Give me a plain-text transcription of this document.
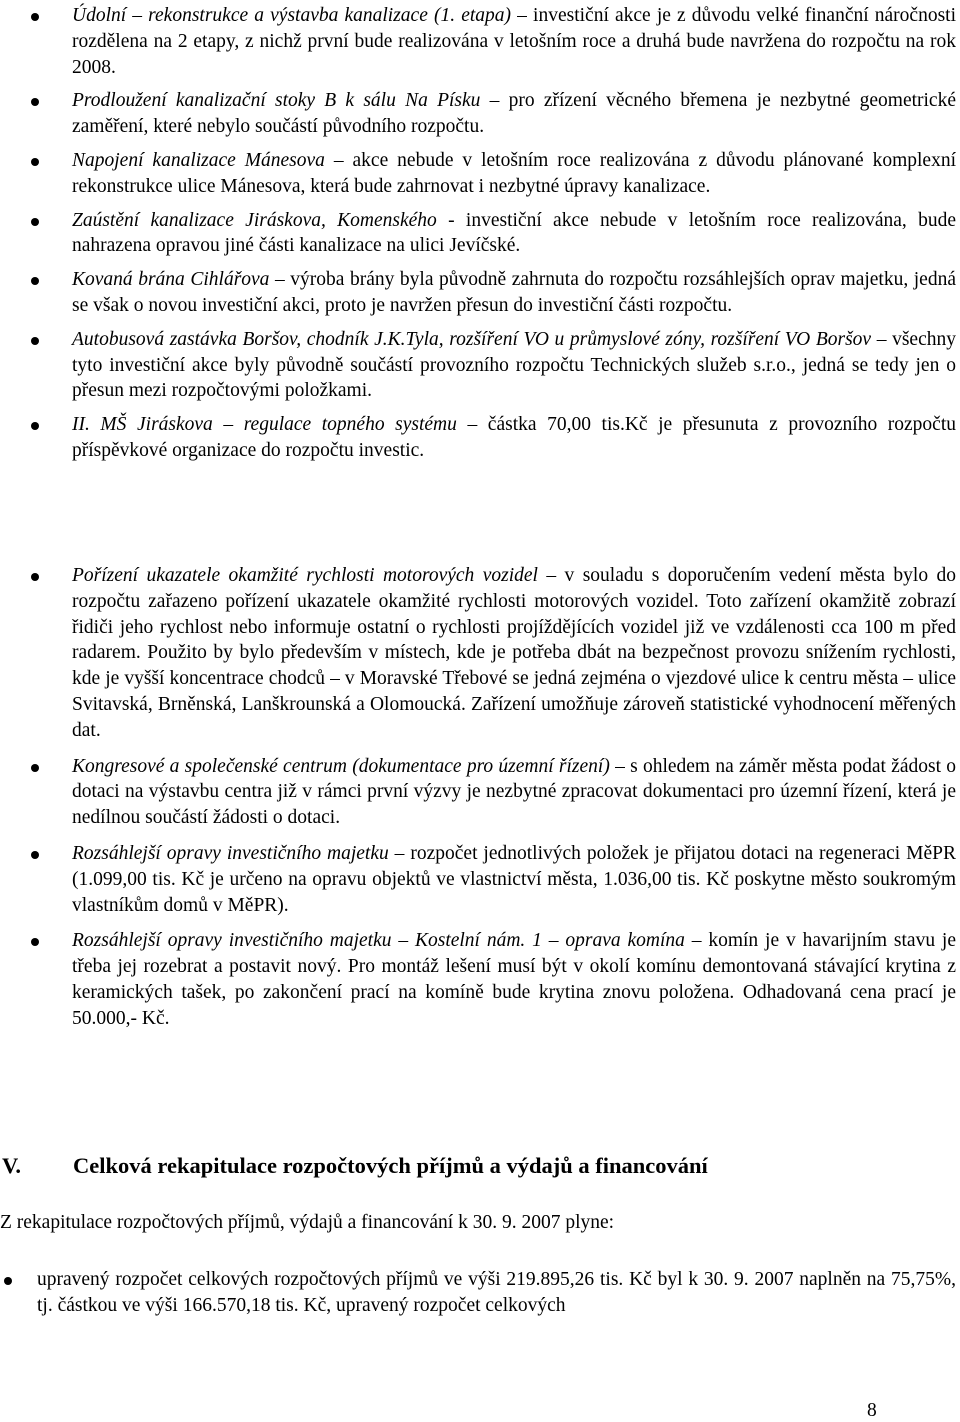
Údolní – rekonstrukce a výstavba kanalizace (1. etapa) – investiční akce je z důvodu velké finanční náročnosti rozdělena na 2 etapy, z nichž první bude realizována v letošním roce a druhá bude navržena do rozpočtu na rok 2008.
Prodloužení kanalizační stoky B k sálu Na Písku – pro zřízení věcného břemena je nezbytné geometrické zaměření, které nebylo součástí původního rozpočtu.
Napojení kanalizace Mánesova – akce nebude v letošním roce realizována z důvodu plánované komplexní rekonstrukce ulice Mánesova, která bude zahrnovat i nezbytné úpravy kanalizace.
Zaústění kanalizace Jiráskova, Komenského - investiční akce nebude v letošním roce realizována, bude nahrazena opravou jiné části kanalizace na ulici Jevíčské.
Kovaná brána Cihlářova – výroba brány byla původně zahrnuta do rozpočtu rozsáhlejších oprav majetku, jedná se však o novou investiční akci, proto je navržen přesun do investiční části rozpočtu.
Autobusová zastávka Boršov, chodník J.K.Tyla, rozšíření VO u průmyslové zóny, rozšíření VO Boršov – všechny tyto investiční akce byly původně součástí provozního rozpočtu Technických služeb s.r.o., jedná se tedy jen o přesun mezi rozpočtovými položkami.
II. MŠ Jiráskova – regulace topného systému – částka 70,00 tis.Kč je přesunuta z provozního rozpočtu příspěvkové organizace do rozpočtu investic.
Pořízení ukazatele okamžité rychlosti motorových vozidel – v souladu s doporučením vedení města bylo do rozpočtu zařazeno pořízení ukazatele okamžité rychlosti motorových vozidel. Toto zařízení okamžitě zobrazí řidiči jeho rychlost nebo informuje ostatní o rychlosti projíždějících vozidel již ve vzdálenosti cca 100 m před radarem. Použito by bylo především v místech, kde je potřeba dbát na bezpečnost provozu snížením rychlosti, kde je vyšší koncentrace chodců – v Moravské Třebové se jedná zejména o vjezdové ulice k centru města – ulice Svitavská, Brněnská, Lanškrounská a Olomoucká. Zařízení umožňuje zároveň statistické vyhodnocení měřených dat.
Kongresové a společenské centrum (dokumentace pro územní řízení) – s ohledem na záměr města podat žádost o dotaci na výstavbu centra již v rámci první výzvy je nezbytné zpracovat dokumentaci pro územní řízení, která je nedílnou součástí žádosti o dotaci.
Rozsáhlejší opravy investičního majetku – rozpočet jednotlivých položek je přijatou dotaci na regeneraci MěPR (1.099,00 tis. Kč je určeno na opravu objektů ve vlastnictví města, 1.036,00 tis. Kč poskytne město soukromým vlastníkům domů v MěPR).
Rozsáhlejší opravy investičního majetku – Kostelní nám. 1 – oprava komína – komín je v havarijním stavu je třeba jej rozebrat a postavit nový. Pro montáž lešení musí být v okolí komínu demontovaná stávající krytina z keramických tašek, po zakončení prací na komíně bude krytina znovu položena. Odhadovaná cena prací je 50.000,- Kč.
V. Celková rekapitulace rozpočtových příjmů a výdajů a financování
Z rekapitulace rozpočtových příjmů, výdajů a financování k 30. 9. 2007 plyne:
upravený rozpočet celkových rozpočtových příjmů ve výši 219.895,26 tis. Kč byl k 30. 9. 2007 naplněn na 75,75%, tj. částkou ve výši 166.570,18 tis. Kč, upravený rozpočet celkových
8
